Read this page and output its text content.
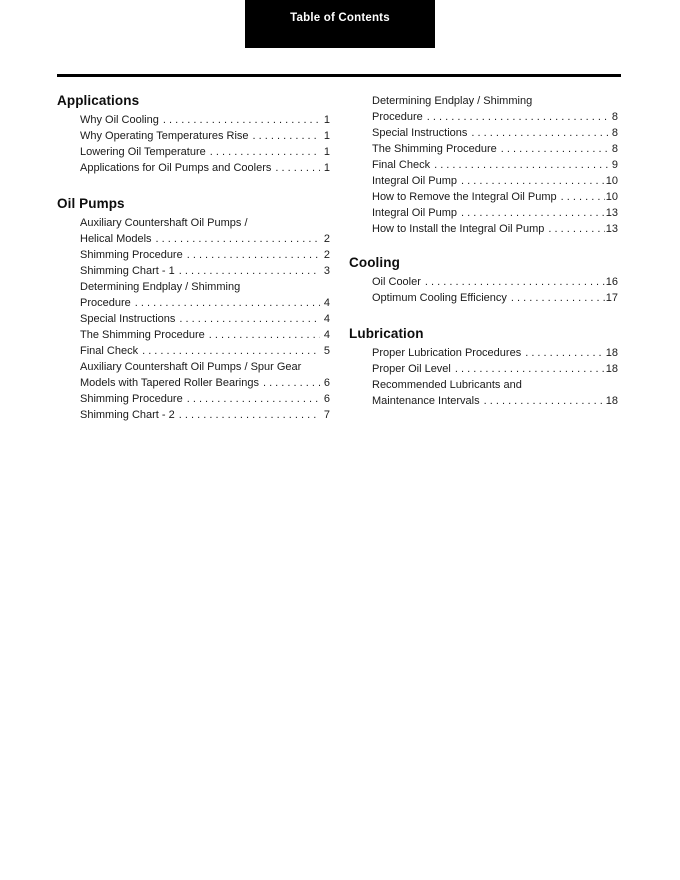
Table of Contents
Applications
Why Oil Cooling . . .	1
Why Operating Temperatures Rise . . .	1
Lowering Oil Temperature . . .	1
Applications for Oil Pumps and Coolers . . .	1
Oil Pumps
Auxiliary Countershaft Oil Pumps /
Helical Models . . .	2
Shimming Procedure . . .	2
Shimming Chart - 1 . . .	3
Determining Endplay / Shimming
Procedure . . .	4
Special Instructions . . .	4
The Shimming Procedure . . .	4
Final Check . . .	5
Auxiliary Countershaft Oil Pumps / Spur Gear
Models with Tapered Roller Bearings . . .	6
Shimming Procedure . . .	6
Shimming Chart - 2 . . .	7
Determining Endplay / Shimming
Procedure . . .	8
Special Instructions . . .	8
The Shimming Procedure . . .	8
Final Check . . .	9
Integral Oil Pump . . .	10
How to Remove the Integral Oil Pump . . .	10
Integral Oil Pump . . .	13
How to Install the Integral Oil Pump . . .	13
Cooling
Oil Cooler . . .	16
Optimum Cooling Efficiency . . .	17
Lubrication
Proper Lubrication Procedures . . .	18
Proper Oil Level . . .	18
Recommended Lubricants and
Maintenance Intervals . . .	18
